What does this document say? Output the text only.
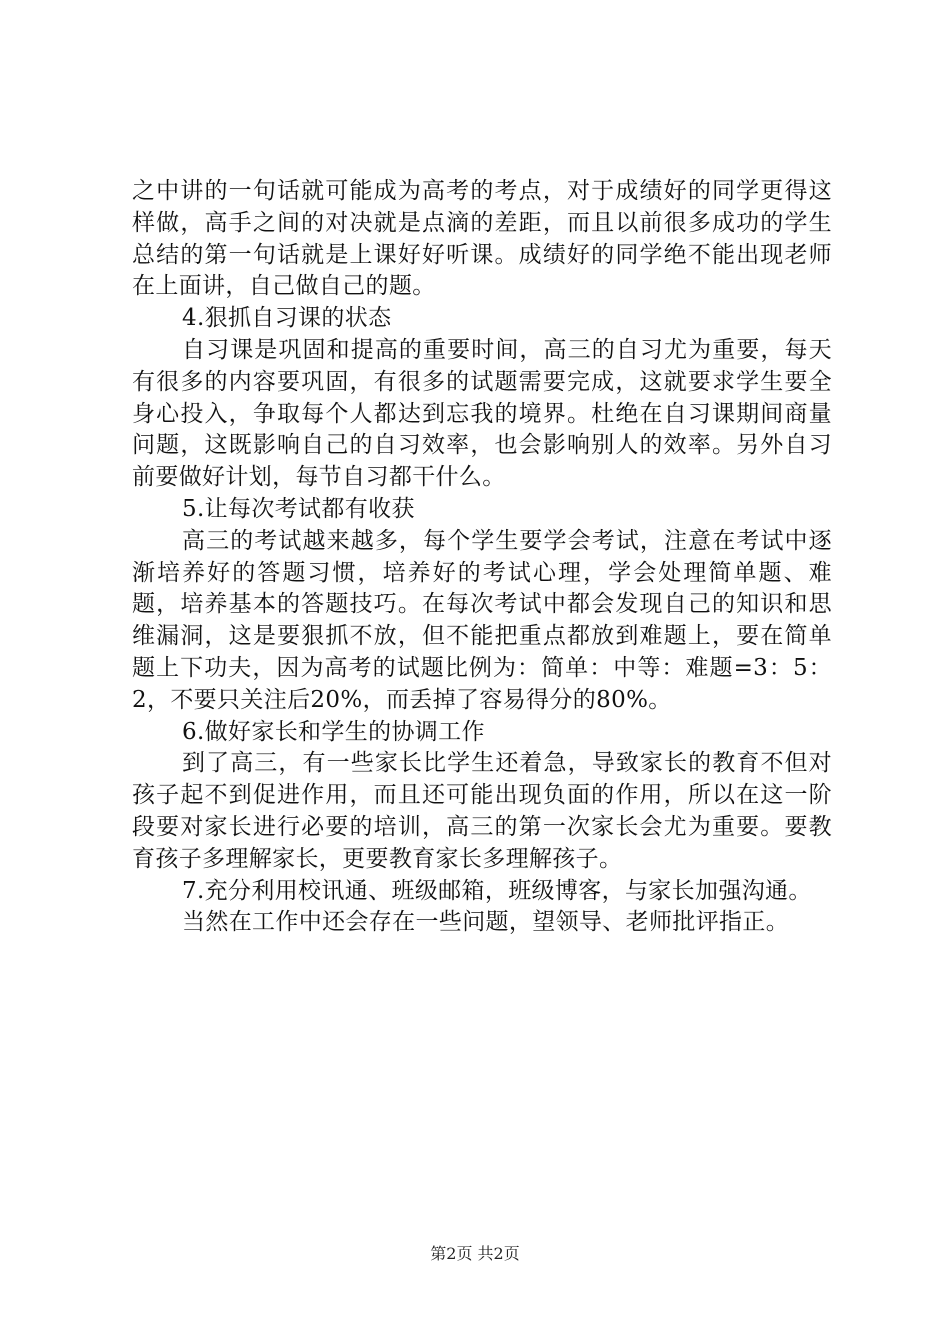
之中讲的一句话就可能成为高考的考点，对于成绩好的同学更得这样做，高手之间的对决就是点滴的差距，而且以前很多成功的学生总结的第一句话就是上课好好听课。成绩好的同学绝不能出现老师在上面讲，自己做自己的题。

4.狠抓自习课的状态

自习课是巩固和提高的重要时间，高三的自习尤为重要，每天有很多的内容要巩固，有很多的试题需要完成，这就要求学生要全身心投入，争取每个人都达到忘我的境界。杜绝在自习课期间商量问题，这既影响自己的自习效率，也会影响别人的效率。另外自习前要做好计划，每节自习都干什么。

5.让每次考试都有收获

高三的考试越来越多，每个学生要学会考试，注意在考试中逐渐培养好的答题习惯，培养好的考试心理，学会处理简单题、难题，培养基本的答题技巧。在每次考试中都会发现自己的知识和思维漏洞，这是要狠抓不放，但不能把重点都放到难题上，要在简单题上下功夫，因为高考的试题比例为：简单：中等：难题=3：5：2，不要只关注后20%，而丢掉了容易得分的80%。

6.做好家长和学生的协调工作

到了高三，有一些家长比学生还着急，导致家长的教育不但对孩子起不到促进作用，而且还可能出现负面的作用，所以在这一阶段要对家长进行必要的培训，高三的第一次家长会尤为重要。要教育孩子多理解家长，更要教育家长多理解孩子。

7.充分利用校讯通、班级邮箱，班级博客，与家长加强沟通。

当然在工作中还会存在一些问题，望领导、老师批评指正。

第2页 共2页
